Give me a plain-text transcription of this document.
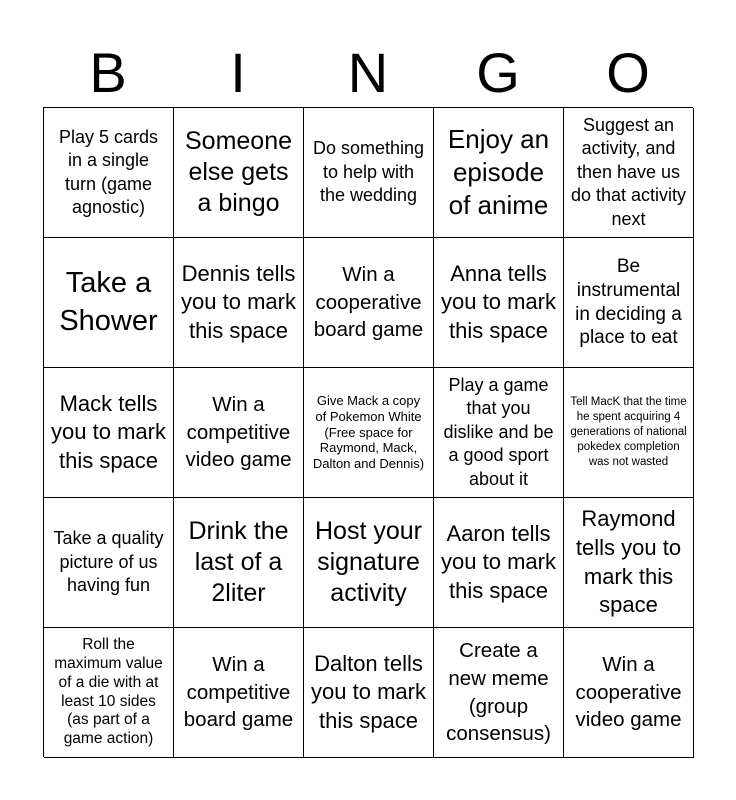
B	I	N	G	O
Play 5 cards in a single turn (game agnostic)
Someone else gets a bingo
Do something to help with the wedding
Enjoy an episode of anime
Suggest an activity, and then have us do that activity next
Take a Shower
Dennis tells you to mark this space
Win a cooperative board game
Anna tells you to mark this space
Be instrumental in deciding a place to eat
Mack tells you to mark this space
Win a competitive video game
Give Mack a copy of Pokemon White (Free space for Raymond, Mack, Dalton and Dennis)
Play a game that you dislike and be a good sport about it
Tell MacK that the time he spent acquiring 4 generations of national pokedex completion was not wasted
Take a quality picture of us having fun
Drink the last of a 2liter
Host your signature activity
Aaron tells you to mark this space
Raymond tells you to mark this space
Roll the maximum value of a die with at least 10 sides (as part of a game action)
Win a competitive board game
Dalton tells you to mark this space
Create a new meme (group consensus)
Win a cooperative video game
